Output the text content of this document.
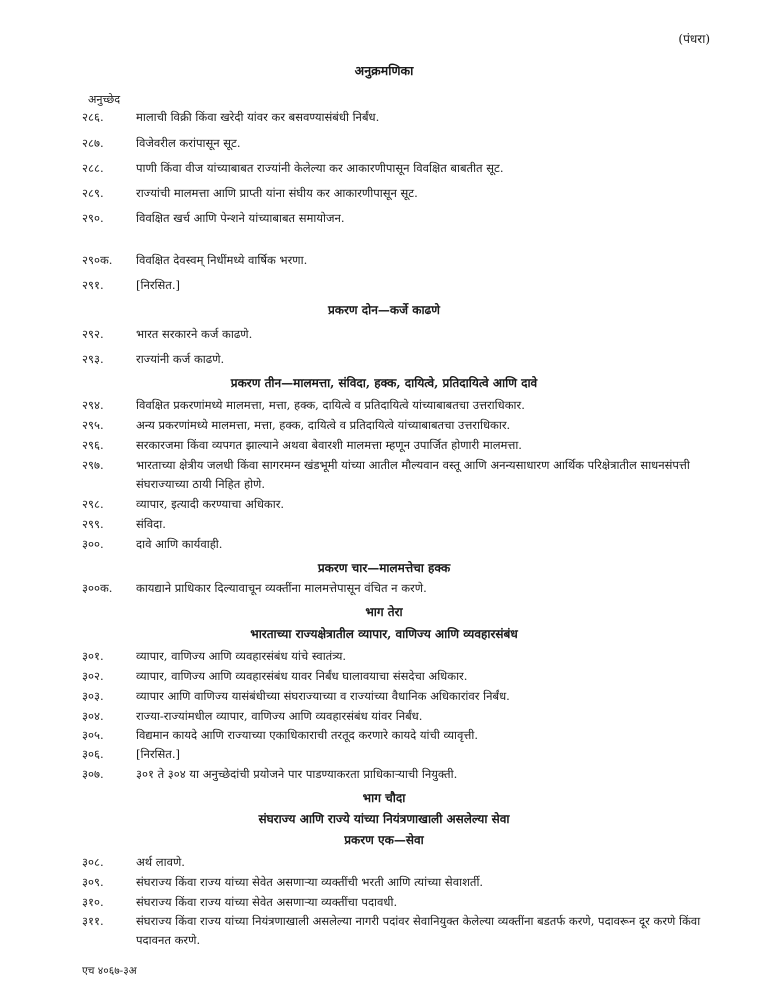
(पंधरा)
अनुक्रमणिका
अनुच्छेद
२८६.	मालाची विक्री किंवा खरेदी यांवर कर बसवण्यासंबंधी निर्बंध.
२८७.	विजेवरील करांपासून सूट.
२८८.	पाणी किंवा वीज यांच्याबाबत राज्यांनी केलेल्या कर आकारणीपासून विवक्षित बाबतीत सूट.
२८९.	राज्यांची मालमत्ता आणि प्राप्ती यांना संघीय कर आकारणीपासून सूट.
२९०.	विवक्षित खर्च आणि पेन्शने यांच्याबाबत समायोजन.
२९०क.	विवक्षित देवस्वम् निधींमध्ये वार्षिक भरणा.
२९१.	[निरसित.]
प्रकरण दोन—कर्जे काढणे
२९२.	भारत सरकारने कर्ज काढणे.
२९३.	राज्यांनी कर्ज काढणे.
प्रकरण तीन—मालमत्ता, संविदा, हक्क, दायित्वे, प्रतिदायित्वे आणि दावे
२९४.	विवक्षित प्रकरणांमध्ये मालमत्ता, मत्ता, हक्क, दायित्वे व प्रतिदायित्वे यांच्याबाबतचा उत्तराधिकार.
२९५.	अन्य प्रकरणांमध्ये मालमत्ता, मत्ता, हक्क, दायित्वे व प्रतिदायित्वे यांच्याबाबतचा उत्तराधिकार.
२९६.	सरकारजमा किंवा व्यपगत झाल्याने अथवा बेवारशी मालमत्ता म्हणून उपार्जित होणारी मालमत्ता.
२९७.	भारताच्या क्षेत्रीय जलधी किंवा सागरमग्न खंडभूमी यांच्या आतील मौल्यवान वस्तू आणि अनन्यसाधारण आर्थिक परिक्षेत्रातील साधनसंपत्ती संघराज्याच्या ठायी निहित होणे.
२९८.	व्यापार, इत्यादी करण्याचा अधिकार.
२९९.	संविदा.
३००.	दावे आणि कार्यवाही.
प्रकरण चार—मालमत्तेचा हक्क
३००क.	कायद्याने प्राधिकार दिल्यावाचून व्यक्तींना मालमत्तेपासून वंचित न करणे.
भाग तेरा
भारताच्या राज्यक्षेत्रातील व्यापार, वाणिज्य आणि व्यवहारसंबंध
३०१.	व्यापार, वाणिज्य आणि व्यवहारसंबंध यांचे स्वातंत्र्य.
३०२.	व्यापार, वाणिज्य आणि व्यवहारसंबंध यावर निर्बंध घालावयाचा संसदेचा अधिकार.
३०३.	व्यापार आणि वाणिज्य यासंबंधीच्या संघराज्याच्या व राज्यांच्या वैधानिक अधिकारांवर निर्बंध.
३०४.	राज्या-राज्यांमधील व्यापार, वाणिज्य आणि व्यवहारसंबंध यांवर निर्बंध.
३०५.	विद्यमान कायदे आणि राज्याच्या एकाधिकाराची तरतूद करणारे कायदे यांची व्यावृत्ती.
३०६.	[निरसित.]
३०७.	३०१ ते ३०४ या अनुच्छेदांची प्रयोजने पार पाडण्याकरता प्राधिकाऱ्याची नियुक्ती.
भाग चौदा
संघराज्य आणि राज्ये यांच्या नियंत्रणाखाली असलेल्या सेवा
प्रकरण एक—सेवा
३०८.	अर्थ लावणे.
३०९.	संघराज्य किंवा राज्य यांच्या सेवेत असणाऱ्या व्यक्तींची भरती आणि त्यांच्या सेवाशर्ती.
३१०.	संघराज्य किंवा राज्य यांच्या सेवेत असणाऱ्या व्यक्तींचा पदावधी.
३११.	संघराज्य किंवा राज्य यांच्या नियंत्रणाखाली असलेल्या नागरी पदांवर सेवानियुक्त केलेल्या व्यक्तींना बडतर्फ करणे, पदावरून दूर करणे किंवा पदावनत करणे.
एच ४०६७-३अ
